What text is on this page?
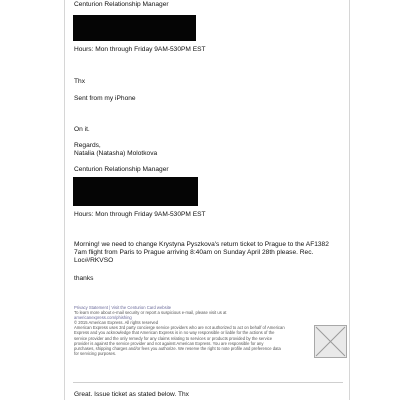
Centurion Relationship Manager
Hours: Mon through Friday 9AM-530PM EST
Thx
Sent from my iPhone
On it.
Regards,
Natalia (Natasha) Molotkova
Centurion Relationship Manager
Hours: Mon through Friday 9AM-530PM EST
Morning! we need to change Krystyna Pyszkova's return ticket to Prague to the AF1382
7am flight from Paris to Prague arriving 8:40am on Sunday April 28th please. Rec.
Loc#/RKVSO
thanks
Privacy Statement | Visit the Centurion Card website
To learn more about e-mail security or report a suspicious e-mail, please visit us at
americanexpress.com/phishing
© 2015 American Express. All rights reserved
American Express uses 3rd party concierge service providers who are not authorized to act on behalf of American
Express and you acknowledge that American Express is in no way responsible or liable for the actions of the
service provider and the only remedy for any claims relating to services or products provided by the service
provider is against the service provider and not against American Express. You are responsible for any
purchases, shipping charges and/or fees you authorize. We reserve the right to note profile and preference data
for servicing purposes.
Great. Issue ticket as stated below. Thx
